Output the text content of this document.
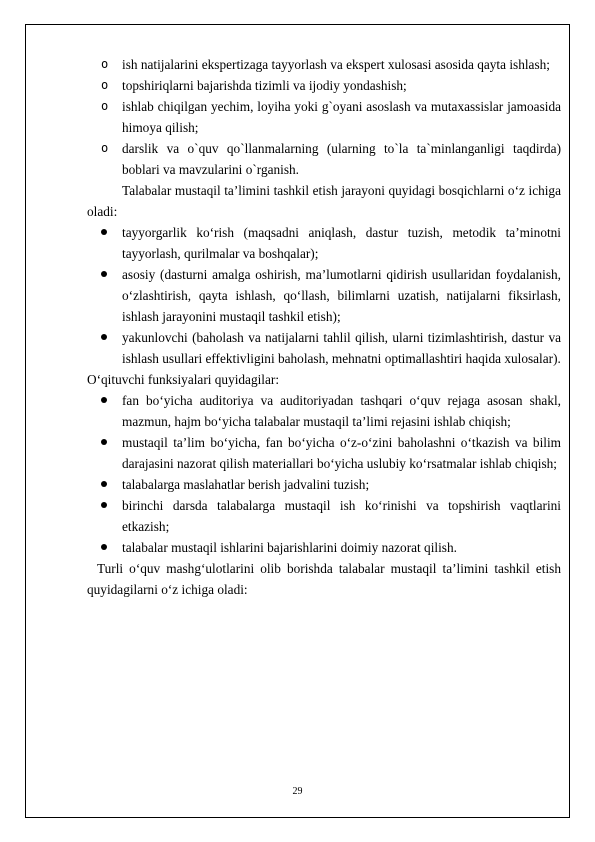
o	ish natijalarini ekspertizaga tayyorlash va ekspert xulosasi asosida qayta ishlash;

o	topshiriqlarni bajarishda tizimli va ijodiy yondashish;

o	ishlab chiqilgan yechim, loyiha yoki g`oyani asoslash va mutaxassislar jamoasida himoya qilish;

o	darslik va o`quv qo`llanmalarning (ularning to`la ta`minlanganligi taqdirda) boblari va mavzularini o`rganish.

Talabalar mustaqil ta’limini tashkil etish jarayoni quyidagi bosqichlarni o‘z ichiga oladi:

tayyorgarlik ko‘rish (maqsadni aniqlash, dastur tuzish, metodik ta’minotni tayyorlash, qurilmalar va boshqalar);

asosiy (dasturni amalga oshirish, ma’lumotlarni qidirish usullaridan foydalanish, o‘zlashtirish, qayta ishlash, qo‘llash, bilimlarni uzatish, natijalarni fiksirlash, ishlash jarayonini mustaqil tashkil etish);

yakunlovchi (baholash va natijalarni tahlil qilish, ularni tizimlashtirish, dastur va ishlash usullari effektivligini baholash, mehnatni optimallashtiri haqida xulosalar).

O‘qituvchi funksiyalari quyidagilar:

fan bo‘yicha auditoriya va auditoriyadan tashqari o‘quv rejaga asosan shakl, mazmun, hajm bo‘yicha talabalar mustaqil ta’limi rejasini ishlab chiqish;

mustaqil ta’lim bo‘yicha, fan bo‘yicha o‘z-o‘zini baholashni o‘tkazish va bilim darajasini nazorat qilish materiallari bo‘yicha uslubiy ko‘rsatmalar ishlab chiqish;

talabalarga maslahatlar berish jadvalini tuzish;

birinchi darsda talabalarga mustaqil ish ko‘rinishi va topshirish vaqtlarini etkazish;

talabalar mustaqil ishlarini bajarishlarini doimiy nazorat qilish.

Turli o‘quv mashg‘ulotlarini olib borishda talabalar mustaqil ta’limini tashkil etish quyidagilarni o‘z ichiga oladi:

29
